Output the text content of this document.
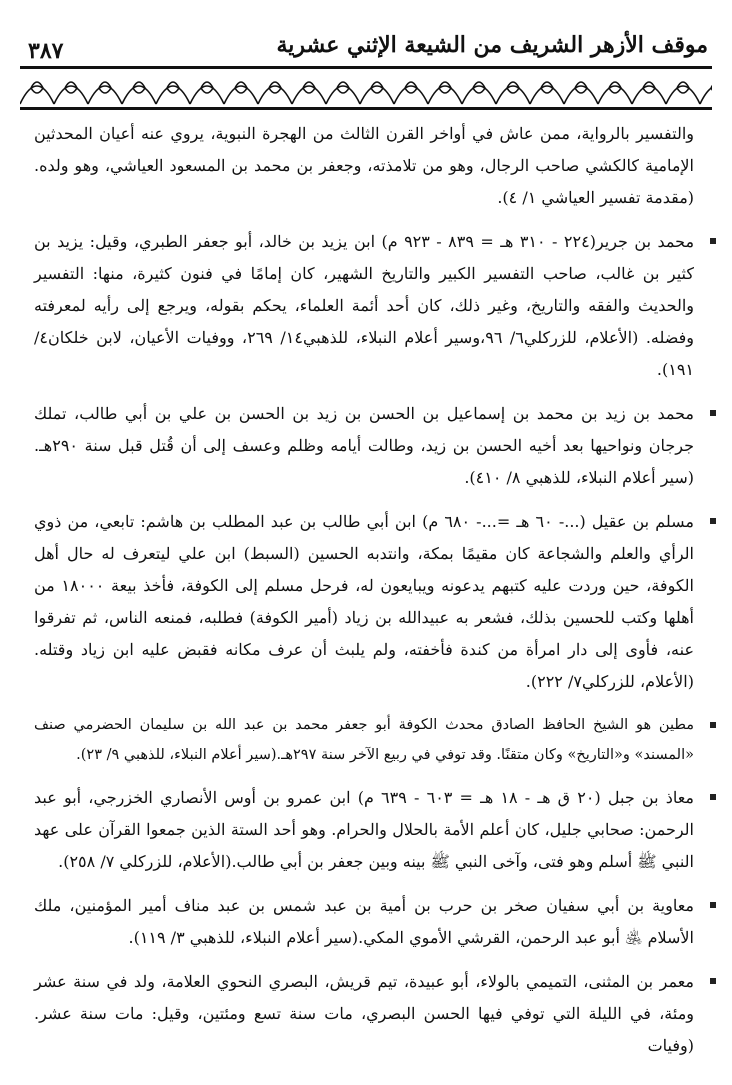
٣٨٧	موقف الأزهر الشريف من الشيعة الإثني عشرية
والتفسير بالرواية، ممن عاش في أواخر القرن الثالث من الهجرة النبوية، يروي عنه أعيان المحدثين الإمامية كالكشي صاحب الرجال، وهو من تلامذته، وجعفر بن محمد بن المسعود العياشي، وهو ولده. (مقدمة تفسير العياشي ١/ ٤).
محمد بن جرير(٢٢٤ - ٣١٠ هـ = ٨٣٩ - ٩٢٣ م) ابن يزيد بن خالد، أبو جعفر الطبري، وقيل: يزيد بن كثير بن غالب، صاحب التفسير الكبير والتاريخ الشهير، كان إمامًا في فنون كثيرة، منها: التفسير والحديث والفقه والتاريخ، وغير ذلك، كان أحد أئمة العلماء، يحكم بقوله، ويرجع إلى رأيه لمعرفته وفضله. (الأعلام، للزركلي٦/ ٩٦،وسير أعلام النبلاء، للذهبي١٤/ ٢٦٩، ووفيات الأعيان، لابن خلكان٤/ ١٩١).
محمد بن زيد بن محمد بن إسماعيل بن الحسن بن زيد بن الحسن بن علي بن أبي طالب، تملك جرجان ونواحيها بعد أخيه الحسن بن زيد، وطالت أيامه وظلم وعسف إلى أن قُتل قبل سنة ٢٩٠هـ. (سير أعلام النبلاء، للذهبي ٨/ ٤١٠).
مسلم بن عقيل (...- ٦٠ هـ =...- ٦٨٠ م) ابن أبي طالب بن عبد المطلب بن هاشم: تابعي، من ذوي الرأي والعلم والشجاعة كان مقيمًا بمكة، وانتدبه الحسين (السبط) ابن علي ليتعرف له حال أهل الكوفة، حين وردت عليه كتبهم يدعونه ويبايعون له، فرحل مسلم إلى الكوفة، فأخذ بيعة ١٨٠٠٠ من أهلها وكتب للحسين بذلك، فشعر به عبيدالله بن زياد (أمير الكوفة) فطلبه، فمنعه الناس، ثم تفرقوا عنه، فأوى إلى دار امرأة من كندة فأخفته، ولم يلبث أن عرف مكانه فقبض عليه ابن زياد وقتله. (الأعلام، للزركلي٧/ ٢٢٢).
مطين هو الشيخ الحافظ الصادق محدث الكوفة أبو جعفر محمد بن عبد الله بن سليمان الحضرمي صنف «المسند» و«التاريخ» وكان متقنًا. وقد توفي في ربيع الآخر سنة ٢٩٧هـ.(سير أعلام النبلاء، للذهبي ٩/ ٢٣).
معاذ بن جبل (٢٠ ق هـ - ١٨ هـ = ٦٠٣ - ٦٣٩ م) ابن عمرو بن أوس الأنصاري الخزرجي، أبو عبد الرحمن: صحابي جليل، كان أعلم الأمة بالحلال والحرام. وهو أحد الستة الذين جمعوا القرآن على عهد النبي ﷺ أسلم وهو فتى، وآخى النبي ﷺ بينه وبين جعفر بن أبي طالب.(الأعلام، للزركلي ٧/ ٢٥٨).
معاوية بن أبي سفيان صخر بن حرب بن أمية بن عبد شمس بن عبد مناف أمير المؤمنين، ملك الأسلام ﵁ أبو عبد الرحمن، القرشي الأموي المكي.(سير أعلام النبلاء، للذهبي ٣/ ١١٩).
معمر بن المثنى، التميمي بالولاء، أبو عبيدة، تيم قريش، البصري النحوي العلامة، ولد في سنة عشر ومئة، في الليلة التي توفي فيها الحسن البصري، مات سنة تسع ومئتين، وقيل: مات سنة عشر. (وفيات
